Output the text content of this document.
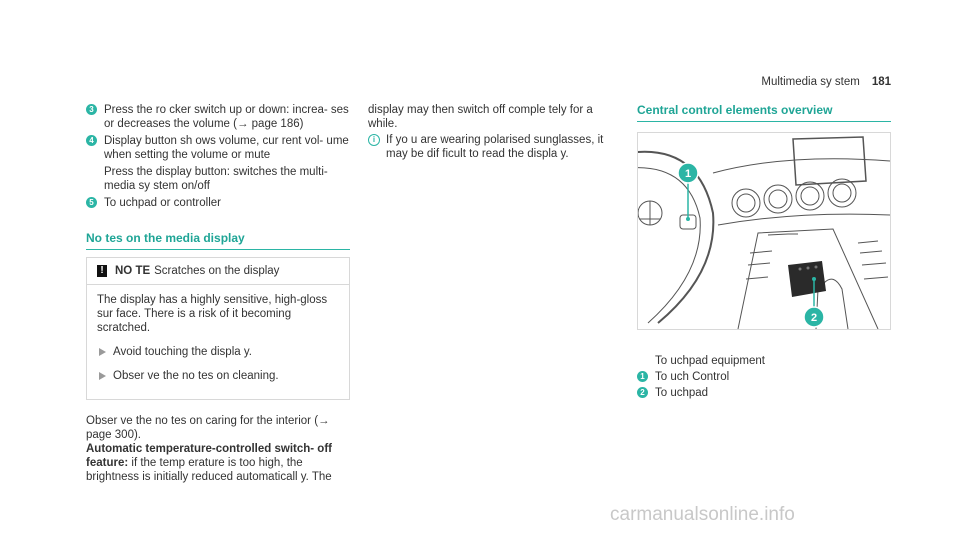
Multimedia sy stem 181
3 Press the ro cker switch up or down: increa‐ ses or decreases the volume (→ page 186)

4 Display button sh ows volume, cur rent vol‐ ume when setting the volume or mute

Press the display button: switches the multi‐ media sy stem on/off

5 To uchpad or controller

No tes on the media display
! NO TE Scratches on the display

The display has a highly sensitive, high-gloss sur face. There is a risk of it becoming scratched.

Avoid touching the displa y.

Obser ve the no tes on cleaning.

Obser ve the no tes on caring for the interior (→ page 300).

Automatic temperature-controlled switch‐ off feature: if the temp erature is too high, the brightness is initially reduced automaticall y. The

display may then switch off comple tely for a while.

i If yo u are wearing polarised sunglasses, it may be dif ficult to read the displa y.
Central control elements overview
1
2
To uchpad equipment
1 To uch Control
2 To uchpad
carmanualsonline.info
